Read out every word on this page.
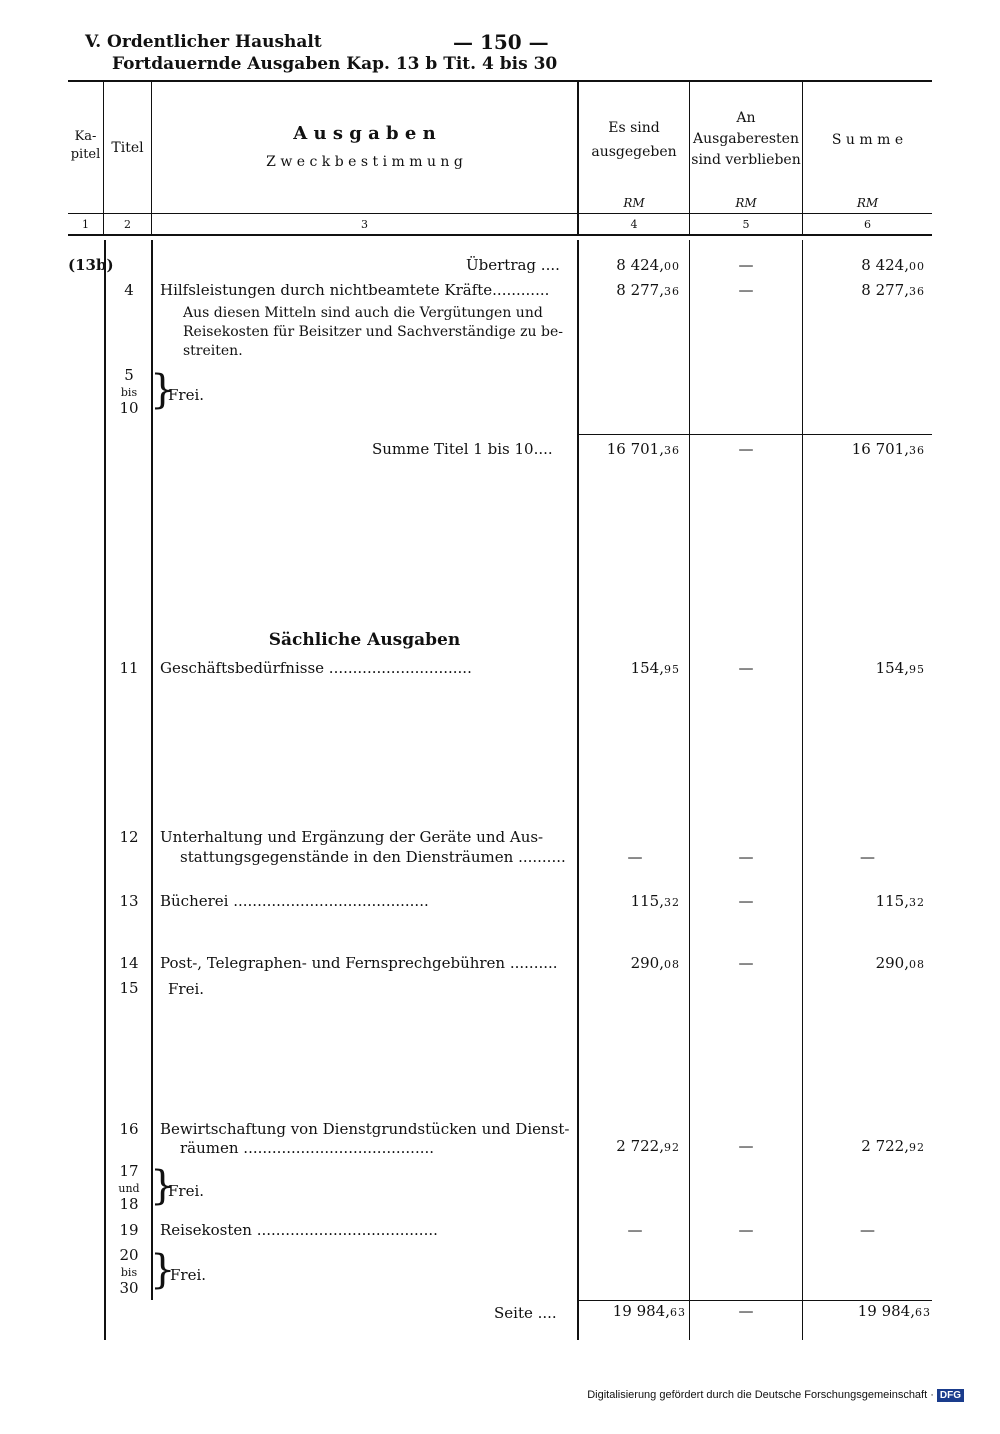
V. Ordentlicher Haushalt	— 150 —
Fortdauernde Ausgaben Kap. 13 b Tit. 4 bis 30
Ka-
pitel Titel
A u s g a b e n
Z w e c k b e s t i m m u n g
Es sind
ausgegeben
An
Ausgaberesten
sind verblieben
S u m m e
RM	RM	RM
1	2	3	4	5	6
(13b)	Übertrag ....	8 424,00	—	8 424,00
4	Hilfsleistungen durch nichtbeamtete Kräfte............	8 277,36	—	8 277,36
Aus diesen Mitteln sind auch die Vergütungen und
Reisekosten für Beisitzer und Sachverständige zu be-
streiten.
5
bis
10 }
Frei.
Summe Titel 1 bis 10....	16 701,36	—	16 701,36
Sächliche Ausgaben
11	Geschäftsbedürfnisse ..............................	154,95	—	154,95
12	Unterhaltung und Ergänzung der Geräte und Aus-
stattungsgegenstände in den Diensträumen ..........	—	—	—
13	Bücherei .........................................	115,32	—	115,32
14	Post-, Telegraphen- und Fernsprechgebühren ..........	290,08	—	290,08
15	Frei.
16	Bewirtschaftung von Dienstgrundstücken und Dienst-
räumen ........................................	2 722,92	—	2 722,92
17
und
18 }
Frei.
19	Reisekosten ......................................	—	—	—
20
bis
30 }
Frei.
Seite ....	19 984,63	—	19 984,63
Digitalisierung gefördert durch die Deutsche Forschungsgemeinschaft · DFG
